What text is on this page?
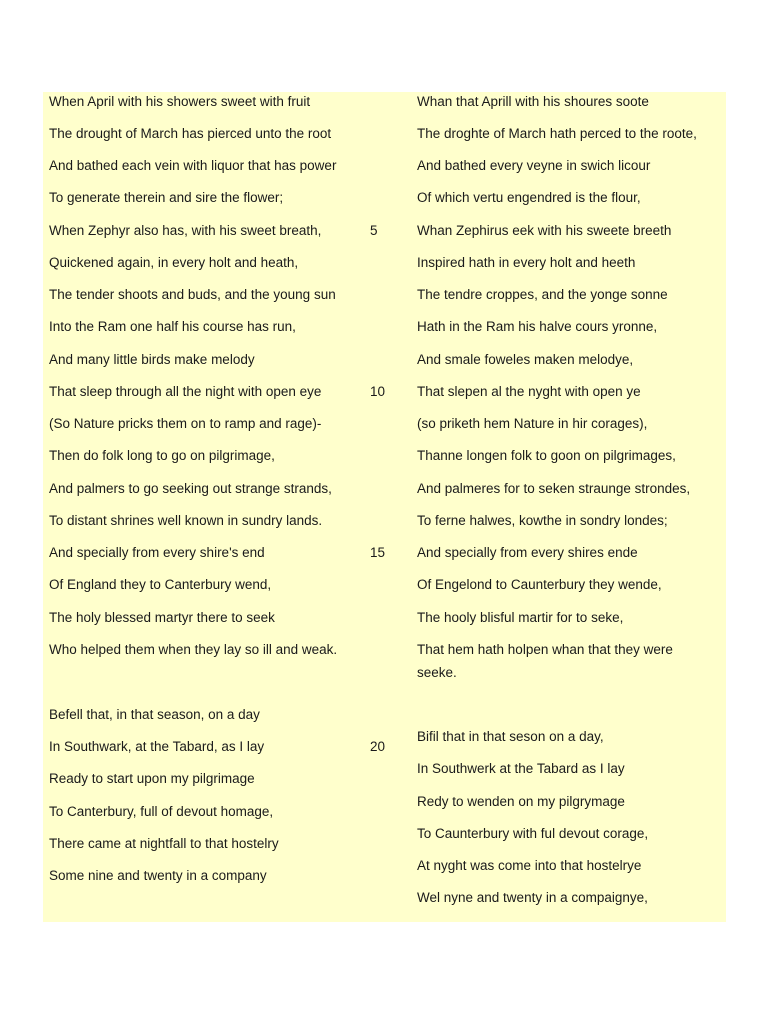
When April with his showers sweet with fruit
The drought of March has pierced unto the root
And bathed each vein with liquor that has power
To generate therein and sire the flower;
When Zephyr also has, with his sweet breath,
Quickened again, in every holt and heath,
The tender shoots and buds, and the young sun
Into the Ram one half his course has run,
And many little birds make melody
That sleep through all the night with open eye
(So Nature pricks them on to ramp and rage)-
Then do folk long to go on pilgrimage,
And palmers to go seeking out strange strands,
To distant shrines well known in sundry lands.
And specially from every shire's end
Of England they to Canterbury wend,
The holy blessed martyr there to seek
Who helped them when they lay so ill and weak.
Befell that, in that season, on a day
In Southwark, at the Tabard, as I lay
Ready to start upon my pilgrimage
To Canterbury, full of devout homage,
There came at nightfall to that hostelry
Some nine and twenty in a company
5
10
15
20
Whan that Aprill with his shoures soote
The droghte of March hath perced to the roote,
And bathed every veyne in swich licour
Of which vertu engendred is the flour,
Whan Zephirus eek with his sweete breeth
Inspired hath in every holt and heeth
The tendre croppes, and the yonge sonne
Hath in the Ram his halve cours yronne,
And smale foweles maken melodye,
That slepen al the nyght with open ye
(so priketh hem Nature in hir corages),
Thanne longen folk to goon on pilgrimages,
And palmeres for to seken straunge strondes,
To ferne halwes, kowthe in sondry londes;
And specially from every shires ende
Of Engelond to Caunterbury they wende,
The hooly blisful martir for to seke,
That hem hath holpen whan that they were
seeke.
Bifil that in that seson on a day,
In Southwerk at the Tabard as I lay
Redy to wenden on my pilgrymage
To Caunterbury with ful devout corage,
At nyght was come into that hostelrye
Wel nyne and twenty in a compaignye,
